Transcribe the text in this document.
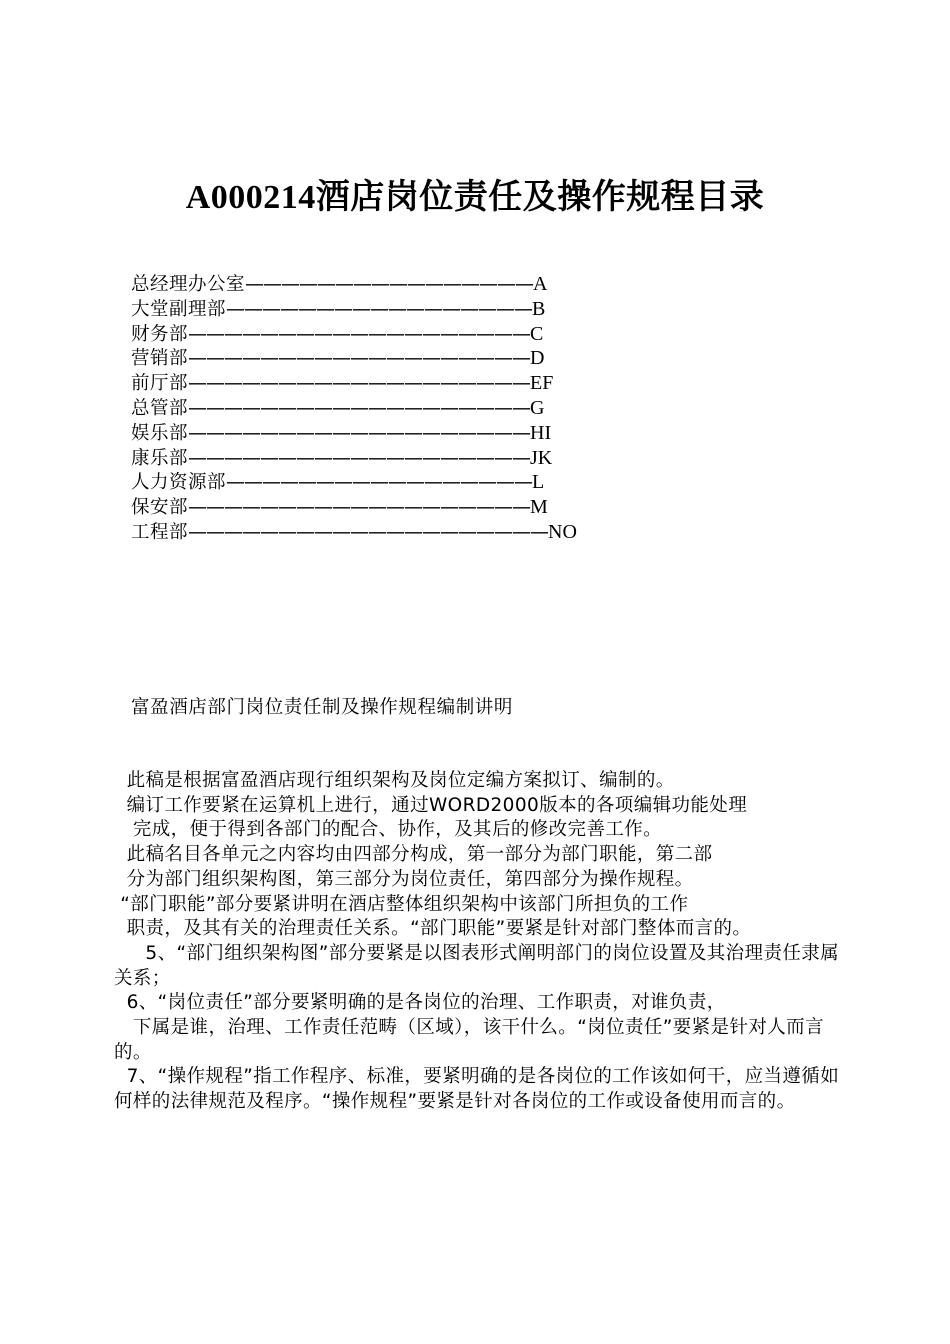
A000214酒店岗位责任及操作规程目录
总经理办公室————————————————A
大堂副理部—————————————————B
财务部———————————————————C
营销部———————————————————D
前厅部———————————————————EF
总管部———————————————————G
娱乐部———————————————————HI
康乐部———————————————————JK
人力资源部—————————————————L
保安部———————————————————M
工程部————————————————————NO
富盈酒店部门岗位责任制及操作规程编制讲明

此稿是根据富盈酒店现行组织架构及岗位定编方案拟订、编制的。

编订工作要紧在运算机上进行，通过WORD2000版本的各项编辑功能处理

完成，便于得到各部门的配合、协作，及其后的修改完善工作。

此稿名目各单元之内容均由四部分构成，第一部分为部门职能，第二部

分为部门组织架构图，第三部分为岗位责任，第四部分为操作规程。

“部门职能”部分要紧讲明在酒店整体组织架构中该部门所担负的工作

职责，及其有关的治理责任关系。“部门职能”要紧是针对部门整体而言的。

5、“部门组织架构图”部分要紧是以图表形式阐明部门的岗位设置及其治理责任隶属关系；

6、“岗位责任”部分要紧明确的是各岗位的治理、工作职责，对谁负责，

下属是谁，治理、工作责任范畴（区域），该干什么。“岗位责任”要紧是针对人而言的。

7、“操作规程”指工作程序、标准，要紧明确的是各岗位的工作该如何干，应当遵循如何样的法律规范及程序。“操作规程”要紧是针对各岗位的工作或设备使用而言的。
